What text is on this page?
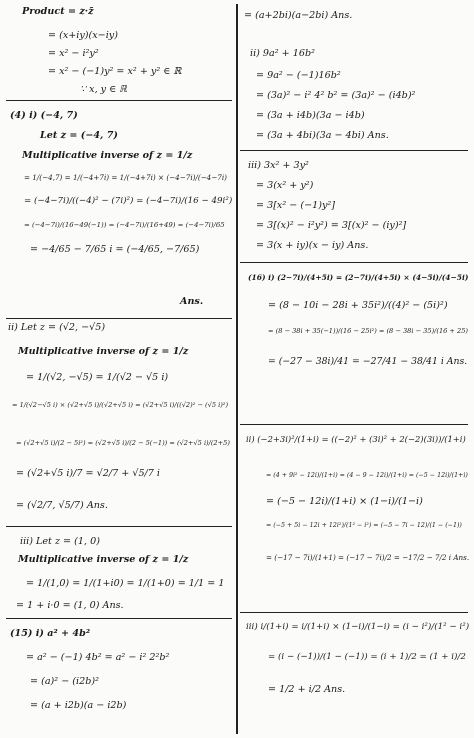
Product = z·z̄
= (x+iy)(x−iy)
= x² − i²y²
= x² − (−1)y² = x² + y² ∈ ℝ
∵ x, y ∈ ℝ
(4) i) (−4, 7)
Let z = (−4, 7)
Multiplicative inverse of z = 1/z
= 1/(−4,7) = 1/(−4+7i) = 1/(−4+7i) × (−4−7i)/(−4−7i)
= (−4−7i)/((−4)² − (7i)²) = (−4−7i)/(16 − 49i²)
= (−4−7i)/(16−49(−1)) = (−4−7i)/(16+49) = (−4−7i)/65
= −4/65 − 7/65 i = (−4/65, −7/65)
Ans.
ii) Let z = (√2, −√5)
Multiplicative inverse of z = 1/z
= 1/(√2, −√5) = 1/(√2 − √5 i)
= 1/(√2−√5 i) × (√2+√5 i)/(√2+√5 i) = (√2+√5 i)/((√2)² − (√5 i)²)
= (√2+√5 i)/(2 − 5i²) = (√2+√5 i)/(2 − 5(−1)) = (√2+√5 i)/(2+5)
= (√2+√5 i)/7 = √2/7 + √5/7 i
= (√2/7, √5/7) Ans.
iii) Let z = (1, 0)
Multiplicative inverse of z = 1/z
= 1/(1,0) = 1/(1+i0) = 1/(1+0) = 1/1 = 1
= 1 + i·0 = (1, 0) Ans.
(15) i) a² + 4b²
= a² − (−1) 4b² = a² − i² 2²b²
= (a)² − (i2b)²
= (a + i2b)(a − i2b)
= (a+2bi)(a−2bi) Ans.
ii) 9a² + 16b²
= 9a² − (−1)16b²
= (3a)² − i² 4² b² = (3a)² − (i4b)²
= (3a + i4b)(3a − i4b)
= (3a + 4bi)(3a − 4bi) Ans.
iii) 3x² + 3y²
= 3(x² + y²)
= 3[x² − (−1)y²]
= 3[(x)² − i²y²) = 3[(x)² − (iy)²]
= 3(x + iy)(x − iy) Ans.
(16) i) (2−7i)/(4+5i) = (2−7i)/(4+5i) × (4−5i)/(4−5i)
= (8 − 10i − 28i + 35i²)/((4)² − (5i)²)
= (8 − 38i + 35(−1))/(16 − 25i²) = (8 − 38i − 35)/(16 + 25)
= (−27 − 38i)/41 = −27/41 − 38/41 i Ans.
ii) (−2+3i)²/(1+i) = ((−2)² + (3i)² + 2(−2)(3i))/(1+i)
= (4 + 9i² − 12i)/(1+i) = (4 − 9 − 12i)/(1+i) = (−5 − 12i)/(1+i)
= (−5 − 12i)/(1+i) × (1−i)/(1−i)
= (−5 + 5i − 12i + 12i²)/(1² − i²) = (−5 − 7i − 12)/(1 − (−1))
= (−17 − 7i)/(1+1) = (−17 − 7i)/2 = −17/2 − 7/2 i Ans.
iii) i/(1+i) = i/(1+i) × (1−i)/(1−i) = (i − i²)/(1² − i²)
= (i − (−1))/(1 − (−1)) = (i + 1)/2 = (1 + i)/2
= 1/2 + i/2 Ans.
